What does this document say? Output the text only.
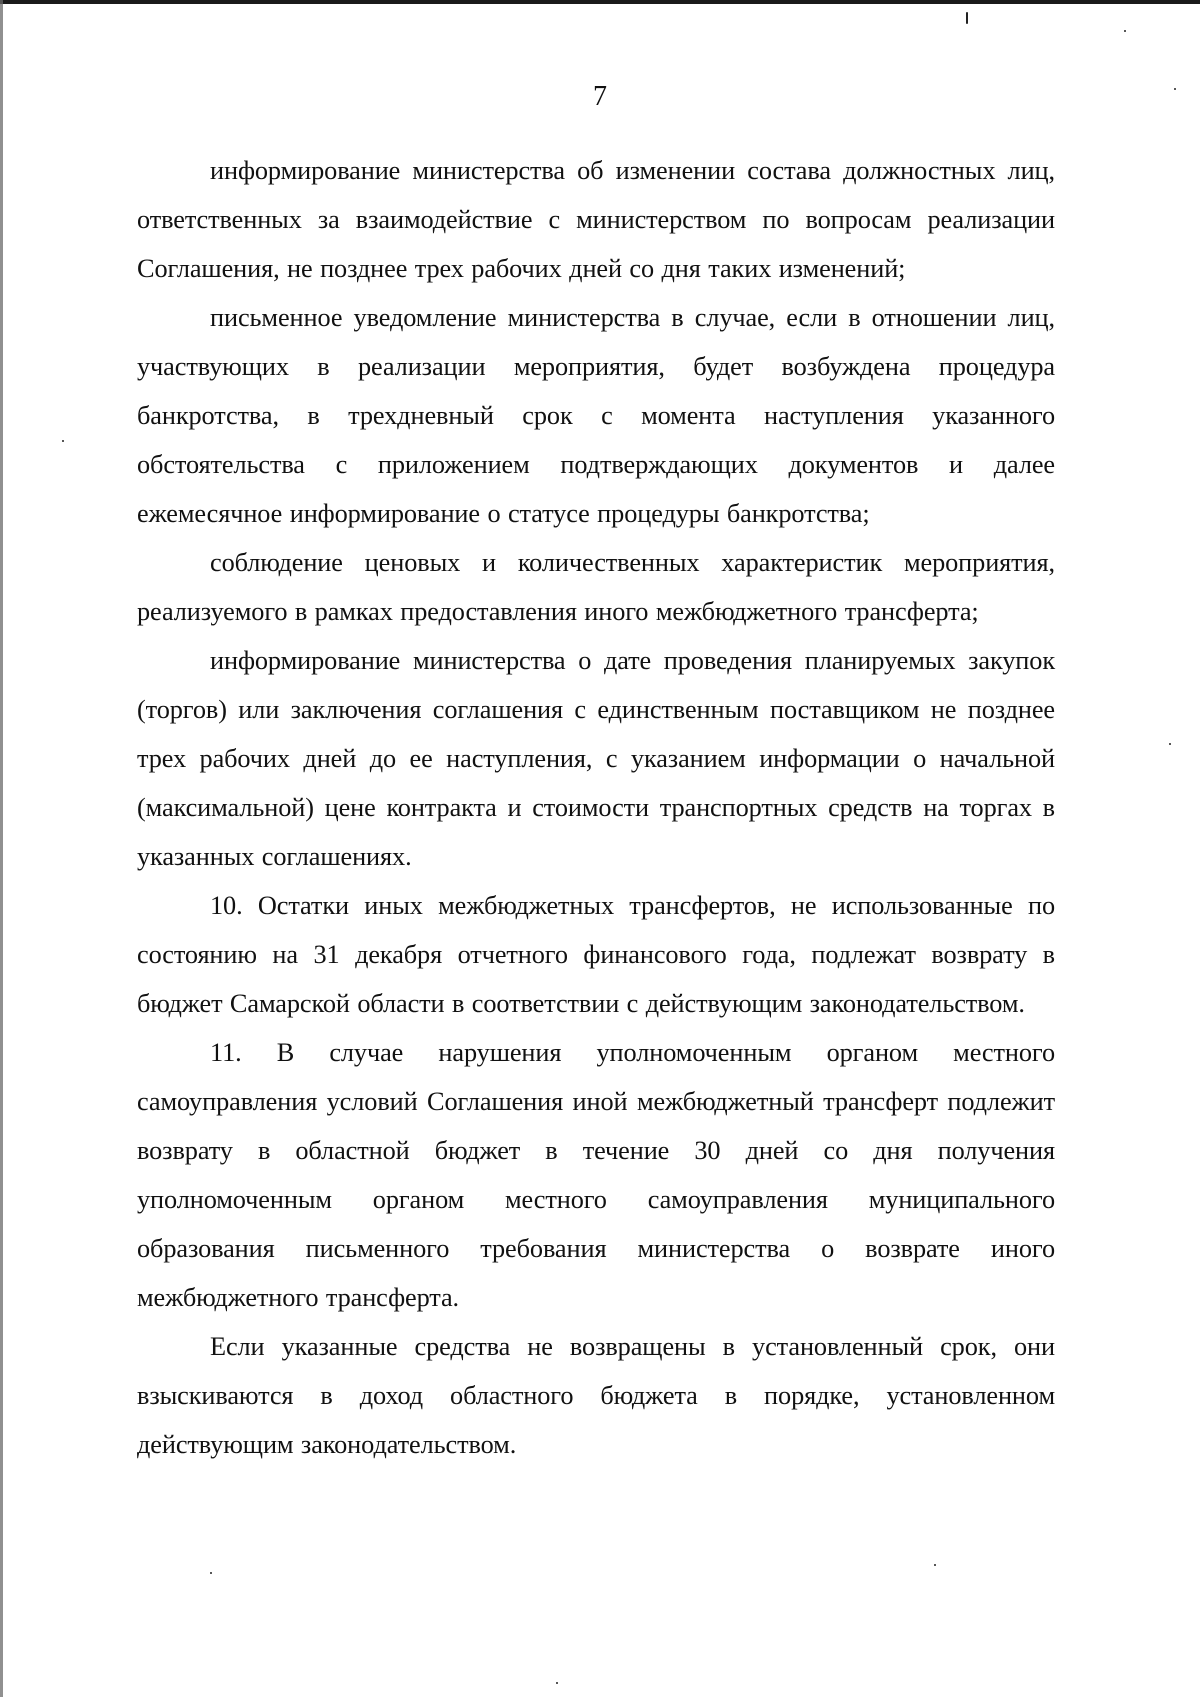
7

информирование министерства об изменении состава должностных лиц, ответственных за взаимодействие с министерством по вопросам реализации Соглашения, не позднее трех рабочих дней со дня таких изменений;

письменное уведомление министерства в случае, если в отношении лиц, участвующих в реализации мероприятия, будет возбуждена процедура банкротства, в трехдневный срок с момента наступления указанного обстоятельства с приложением подтверждающих документов и далее ежемесячное информирование о статусе процедуры банкротства;

соблюдение ценовых и количественных характеристик мероприятия, реализуемого в рамках предоставления иного межбюджетного трансферта;

информирование министерства о дате проведения планируемых закупок (торгов) или заключения соглашения с единственным поставщиком не позднее трех рабочих дней до ее наступления, с указанием информации о начальной (максимальной) цене контракта и стоимости транспортных средств на торгах в указанных соглашениях.

10. Остатки иных межбюджетных трансфертов, не использованные по состоянию на 31 декабря отчетного финансового года, подлежат возврату в бюджет Самарской области в соответствии с действующим законодательством.

11. В случае нарушения уполномоченным органом местного самоуправления условий Соглашения иной межбюджетный трансферт подлежит возврату в областной бюджет в течение 30 дней со дня получения уполномоченным органом местного самоуправления муниципального образования письменного требования министерства о возврате иного межбюджетного трансферта.

Если указанные средства не возвращены в установленный срок, они взыскиваются в доход областного бюджета в порядке, установленном действующим законодательством.
